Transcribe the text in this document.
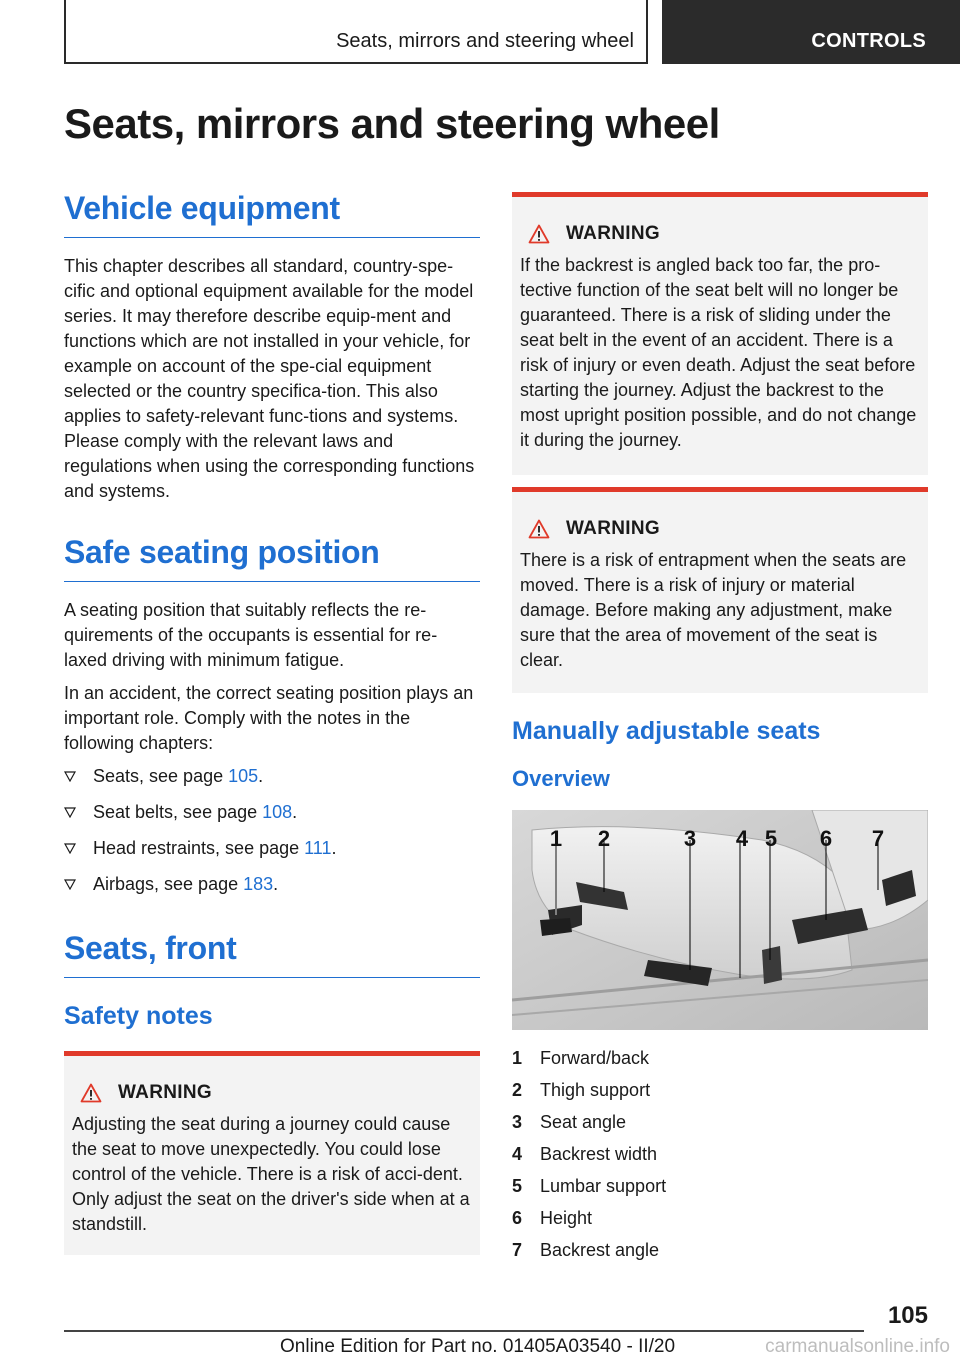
Seats, mirrors and steering wheel	CONTROLS
Seats, mirrors and steering wheel
Vehicle equipment

This chapter describes all standard, country-spe-cific and optional equipment available for the model series. It may therefore describe equip-ment and functions which are not installed in your vehicle, for example on account of the spe-cial equipment selected or the country specifica-tion. This also applies to safety-relevant func-tions and systems. Please comply with the relevant laws and regulations when using the corresponding functions and systems.

Safe seating position

A seating position that suitably reflects the re-quirements of the occupants is essential for re-laxed driving with minimum fatigue.

In an accident, the correct seating position plays an important role. Comply with the notes in the following chapters:

Seats, see page 105.
Seat belts, see page 108.
Head restraints, see page 111.
Airbags, see page 183.
Seats, front
Safety notes
WARNING

Adjusting the seat during a journey could cause the seat to move unexpectedly. You could lose control of the vehicle. There is a risk of acci-dent. Only adjust the seat on the driver's side when at a standstill.

WARNING

If the backrest is angled back too far, the pro-tective function of the seat belt will no longer be guaranteed. There is a risk of sliding under the seat belt in the event of an accident. There is a risk of injury or even death. Adjust the seat before starting the journey. Adjust the backrest to the most upright position possible, and do not change it during the journey.

WARNING

There is a risk of entrapment when the seats are moved. There is a risk of injury or material damage. Before making any adjustment, make sure that the area of movement of the seat is clear.

Manually adjustable seats
Overview
1 2	3 4 5 6 7
1 Forward/back
2 Thigh support
3 Seat angle
4 Backrest width
5 Lumbar support
6 Height
7 Backrest angle
105
Online Edition for Part no. 01405A03540 - II/20	carmanualsonline.info
